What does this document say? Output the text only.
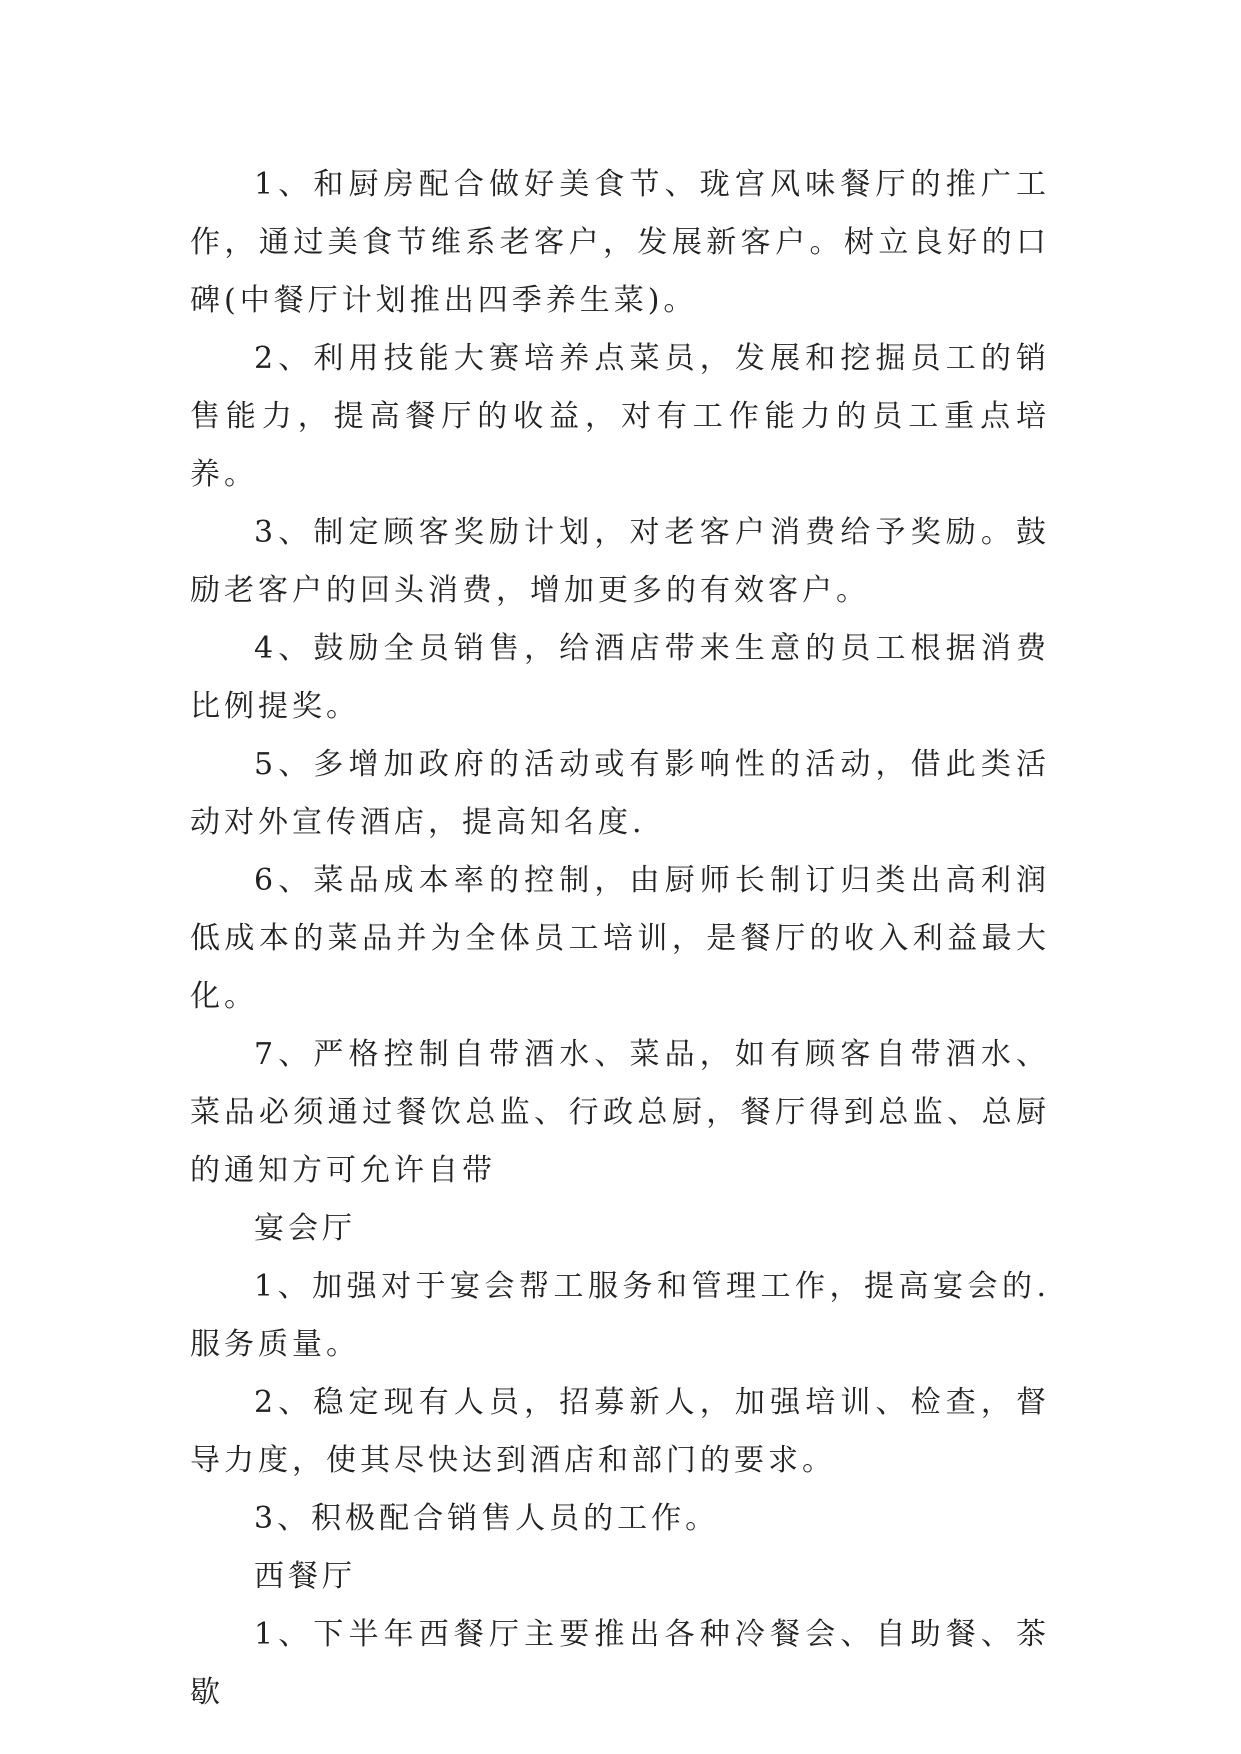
1、和厨房配合做好美食节、珑宫风味餐厅的推广工作，通过美食节维系老客户，发展新客户。树立良好的口碑(中餐厅计划推出四季养生菜)。

2、利用技能大赛培养点菜员，发展和挖掘员工的销售能力，提高餐厅的收益，对有工作能力的员工重点培养。

3、制定顾客奖励计划，对老客户消费给予奖励。鼓励老客户的回头消费，增加更多的有效客户。

4、鼓励全员销售，给酒店带来生意的员工根据消费比例提奖。

5、多增加政府的活动或有影响性的活动，借此类活动对外宣传酒店，提高知名度.

6、菜品成本率的控制，由厨师长制订归类出高利润低成本的菜品并为全体员工培训，是餐厅的收入利益最大化。

7、严格控制自带酒水、菜品，如有顾客自带酒水、菜品必须通过餐饮总监、行政总厨，餐厅得到总监、总厨的通知方可允许自带

宴会厅

1、加强对于宴会帮工服务和管理工作，提高宴会的.服务质量。

2、稳定现有人员，招募新人，加强培训、检查，督导力度，使其尽快达到酒店和部门的要求。

3、积极配合销售人员的工作。

西餐厅

1、下半年西餐厅主要推出各种冷餐会、自助餐、茶歇
